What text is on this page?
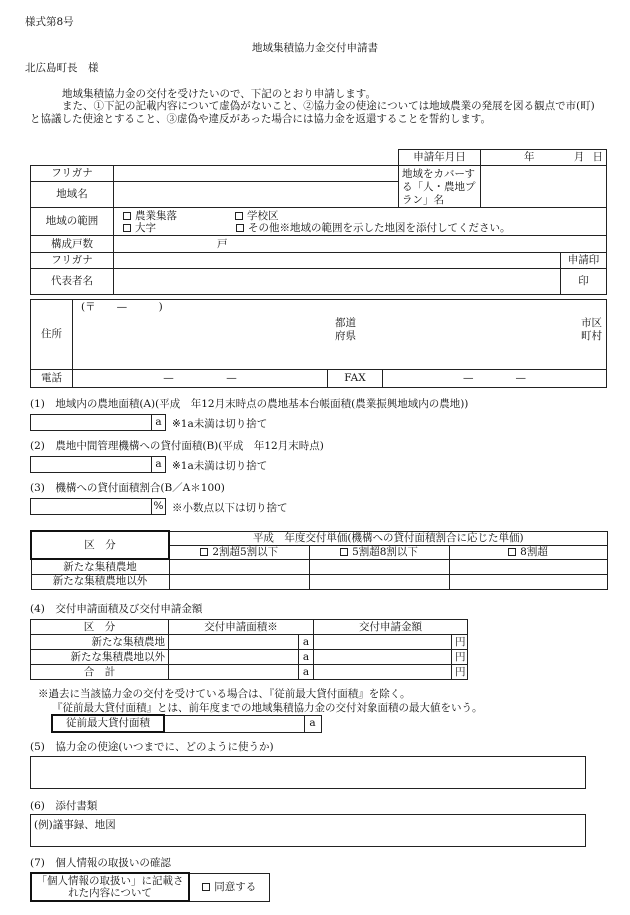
様式第8号
地域集積協力金交付申請書
北広島町長　様
地域集積協力金の交付を受けたいので、下記のとおり申請します。
また、①下記の記載内容について虚偽がないこと、②協力金の使途については地域農業の発展を図る観点で市(町)と協議した使途とすること、③虚偽や違反があった場合には協力金を返還することを誓約します。
		申請年月日	年 月 日	

フリガナ		地域をカバーする「人・農地プラン」名		
地域名				
地域の範囲	農業集落 学校区
大字 その他※地域の範囲を示した地図を添付してください。			

構成戸数	戸			
フリガナ				申請印
代表者名				印
住所	(〒　　—　　　)
都道
府県
市区
町村		

電話	—　　　　　—	FAX	—　　　　—
(1)　地域内の農地面積(A)(平成　年12月末時点の農地基本台帳面積(農業振興地域内の農地))
a ※1a未満は切り捨て
(2)　農地中間管理機構への貸付面積(B)(平成　年12月末時点)
a ※1a未満は切り捨て
(3)　機構への貸付面積割合(B／A＊100)
% ※小数点以下は切り捨て
区　分	平成　年度交付単価(機構への貸付面積割合に応じた単価)		
	2割超5割以下	5割超8割以下	8割超
新たな集積農地			
新たな集積農地以外			
(4)　交付申請面積及び交付申請金額
区　分	交付申請面積※		交付申請金額	
新たな集積農地		a		円
新たな集積農地以外		a		円
合　計		a		円
※過去に当該協力金の交付を受けている場合は、『従前最大貸付面積』を除く。
『従前最大貸付面積』とは、前年度までの地域集積協力金の交付対象面積の最大値をいう。
従前最大貸付面積		a
(5)　協力金の使途(いつまでに、どのように使うか)
(6)　添付書類
(例)議事録、地図
(7)　個人情報の取扱いの確認
「個人情報の取扱い」に記載された内容について	同意する
